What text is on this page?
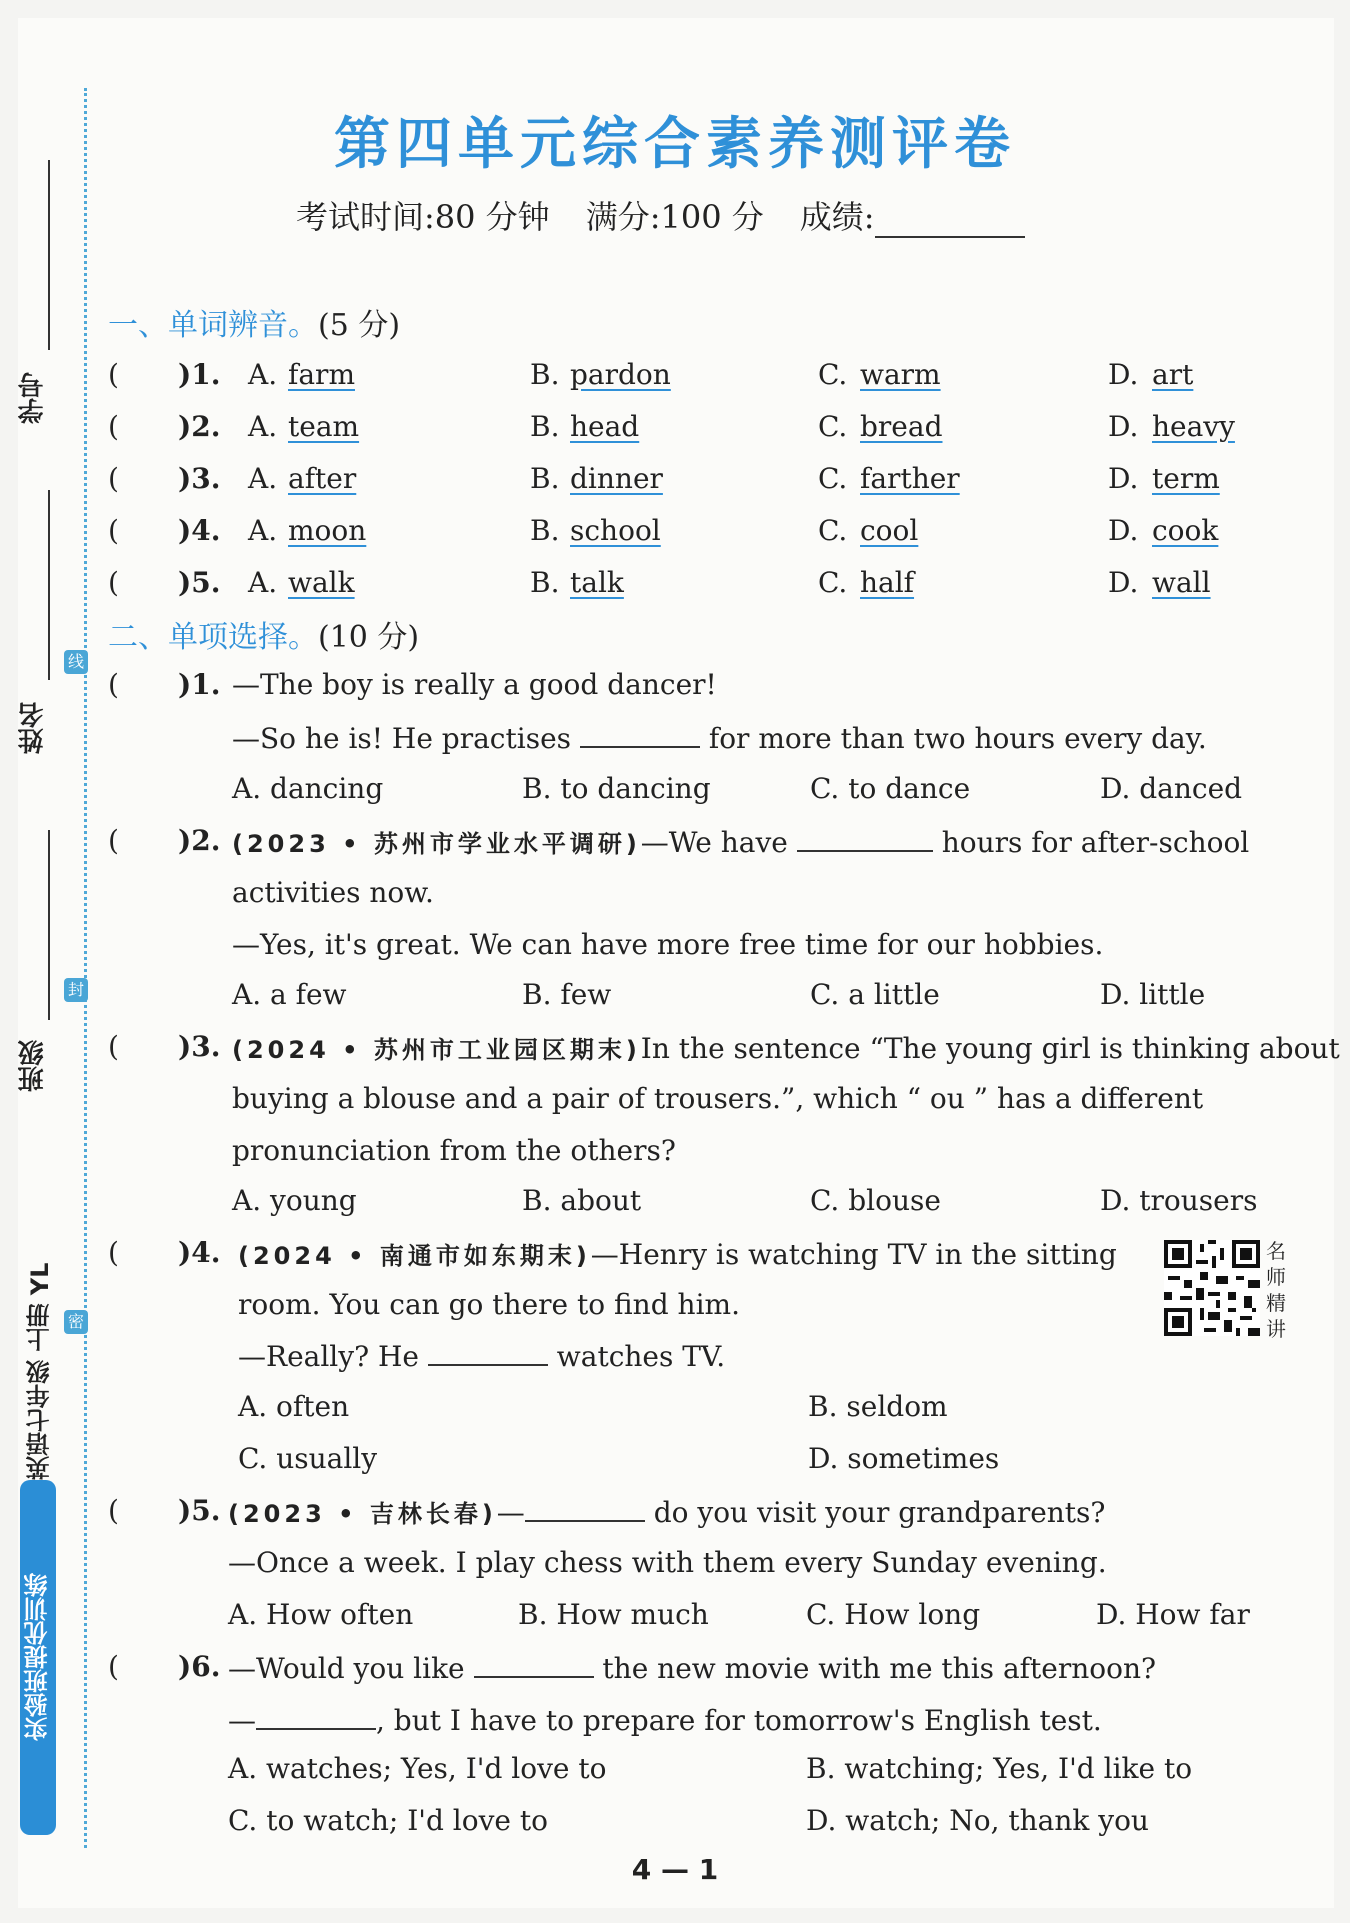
学号
姓名
班级
线
封
密
英语七年级 上册 YL
实验班提优训练
第四单元综合素养测评卷
考试时间:80 分钟 满分:100 分 成绩:
一、单词辨音。(5 分)
( )1. A. farm	B. pardon	C. warm	D. art
( )2. A. team	B. head	C. bread	D. heavy
( )3. A. after	B. dinner	C. farther	D. term
( )4. A. moon	B. school	C. cool	D. cook
( )5. A. walk	B. talk	C. half	D. wall
二、单项选择。(10 分)
( )1. —The boy is really a good dancer!
—So he is! He practises	for more than two hours every day.
A. dancing	B. to dancing	C. to dance	D. danced
( )2. (2023 • 苏州市学业水平调研)—We have	hours for after-school
activities now.
—Yes, it's great. We can have more free time for our hobbies.
A. a few	B. few	C. a little	D. little
( )3. (2024 • 苏州市工业园区期末)In the sentence “The young girl is thinking about
buying a blouse and a pair of trousers.”, which “ ou ” has a different
pronunciation from the others?
A. young	B. about	C. blouse	D. trousers
( )4. (2024 • 南通市如东期末)—Henry is watching TV in the sitting
room. You can go there to find him.
—Really? He	watches TV.
A. often	B. seldom
C. usually	D. sometimes
名师精讲
( )5. (2023 • 吉林长春)—	do you visit your grandparents?
—Once a week. I play chess with them every Sunday evening.
A. How often	B. How much	C. How long	D. How far
( )6. —Would you like	the new movie with me this afternoon?
—	, but I have to prepare for tomorrow's English test.
A. watches; Yes, I'd love to	B. watching; Yes, I'd like to
C. to watch; I'd love to	D. watch; No, thank you
4 — 1
